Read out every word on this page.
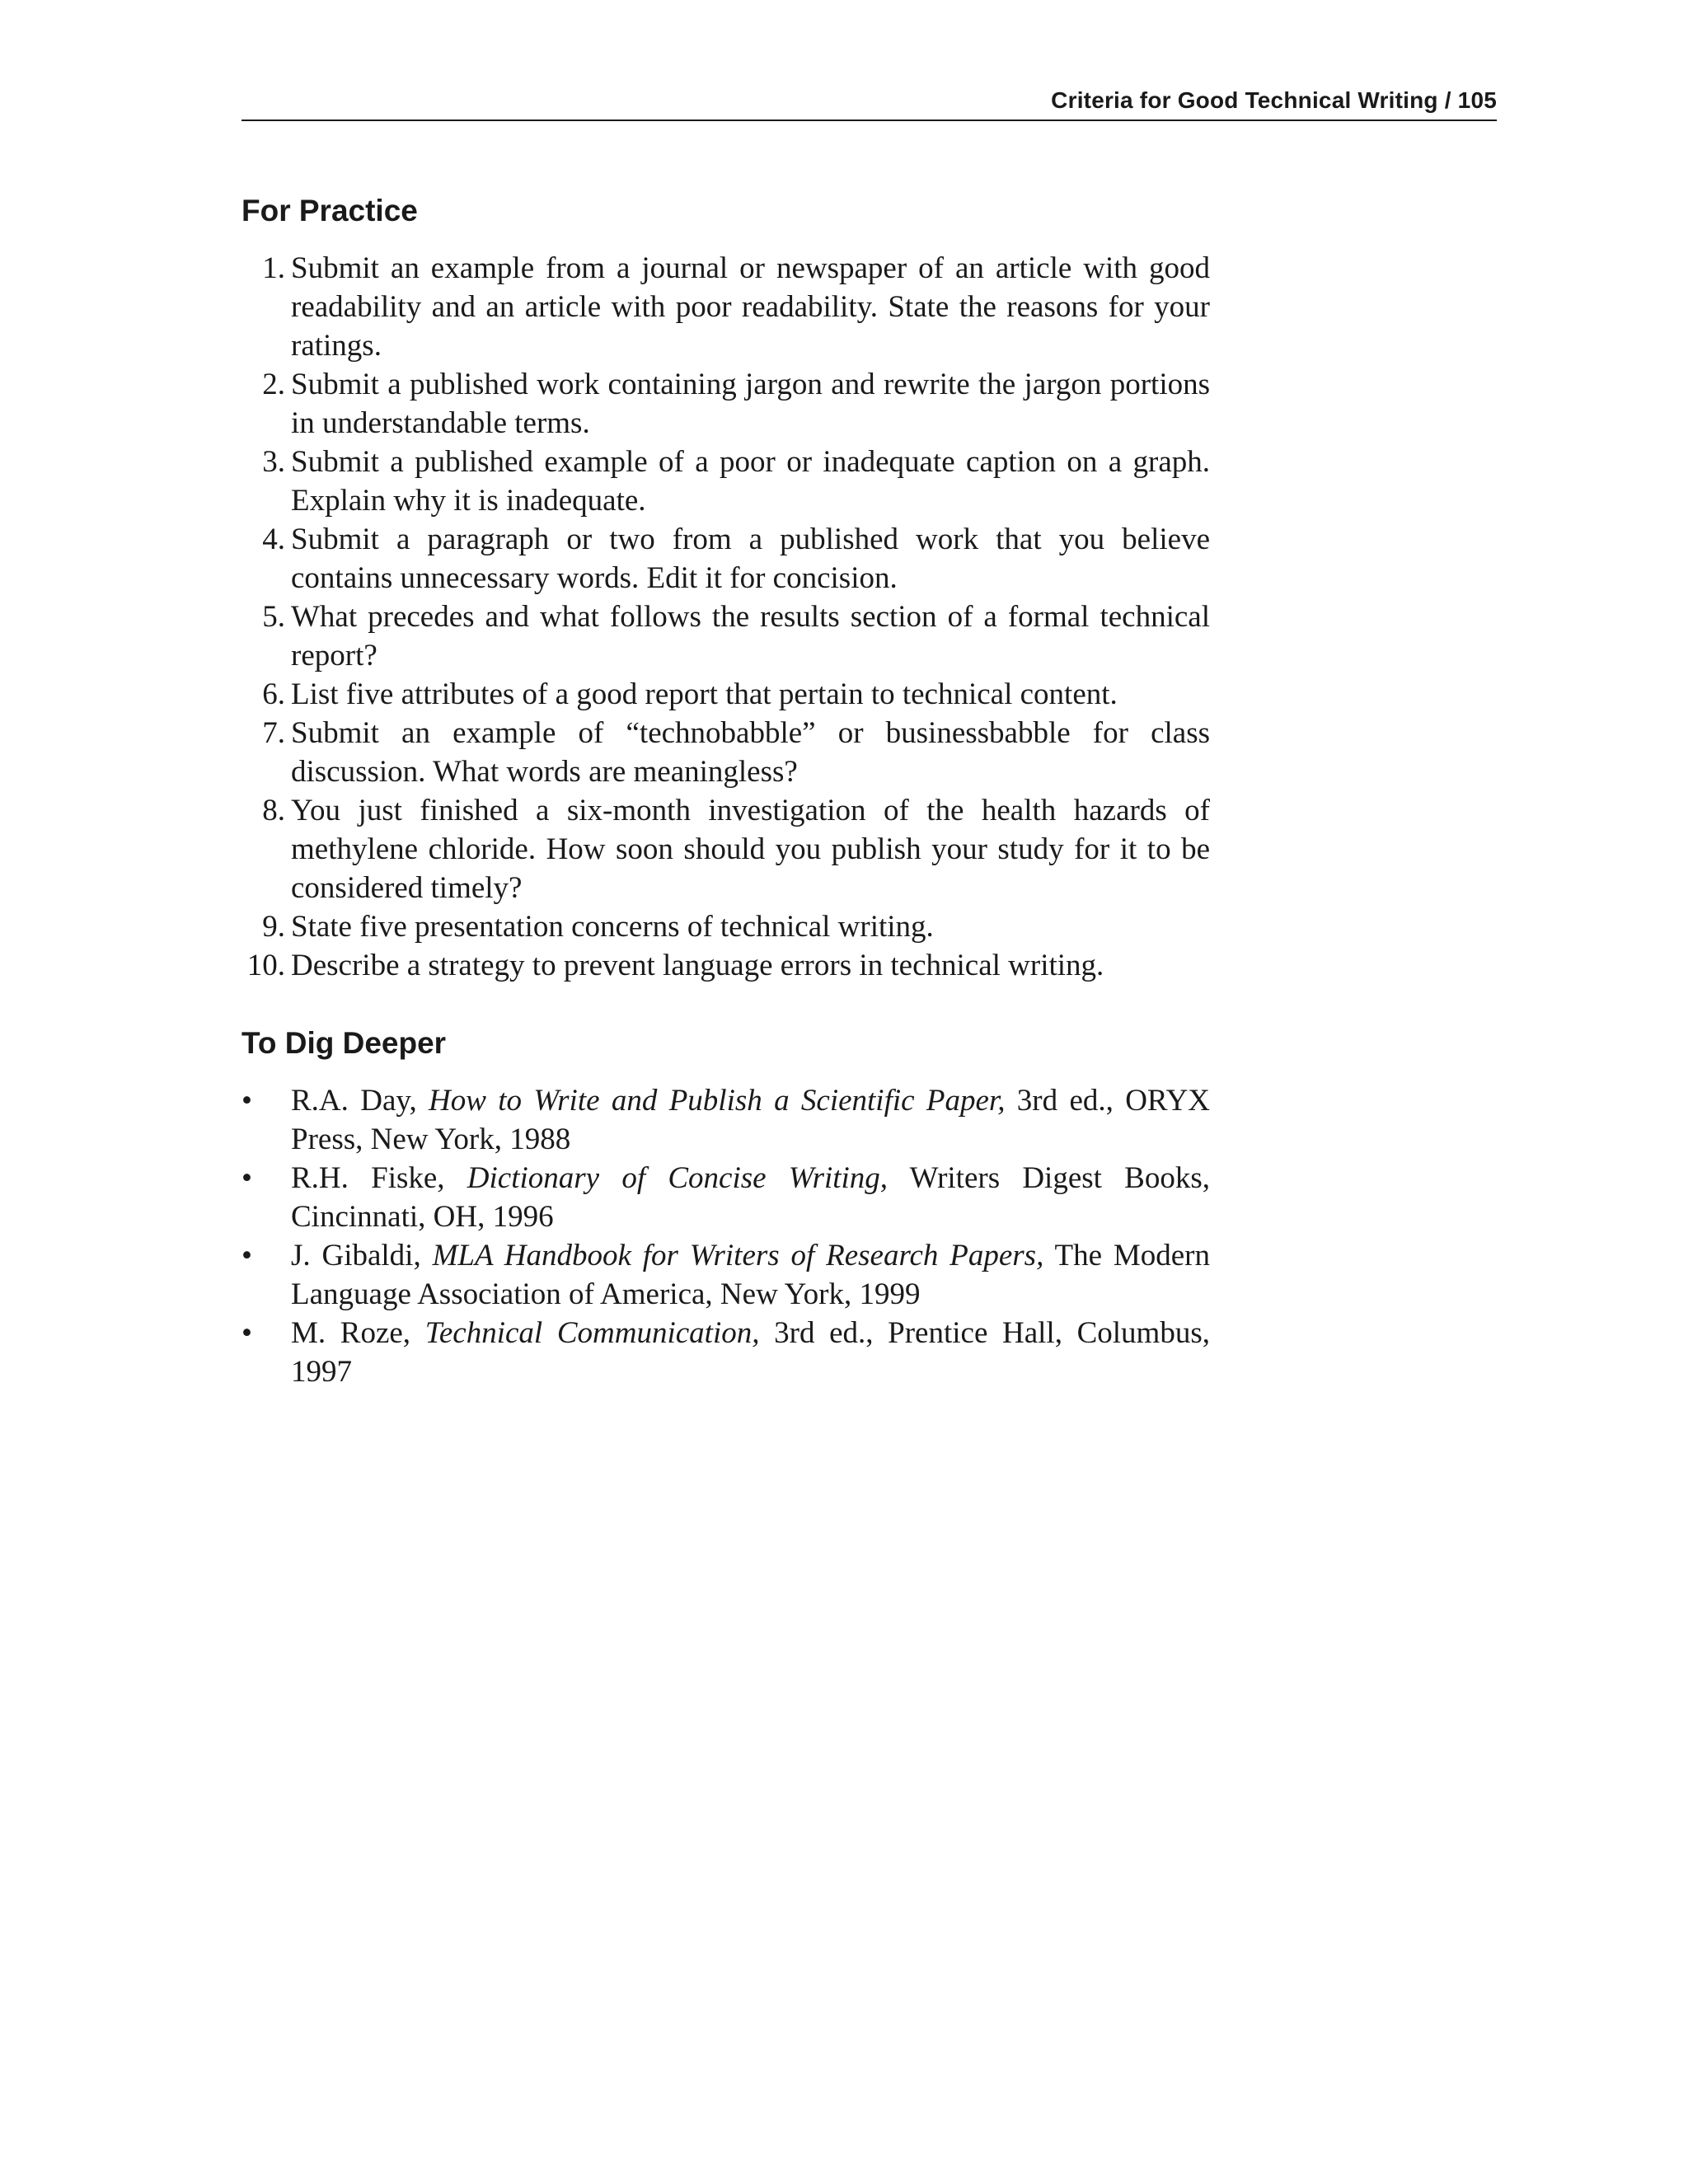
Criteria for Good Technical Writing / 105
For Practice
1. Submit an example from a journal or newspaper of an article with good readability and an article with poor readability. State the reasons for your ratings.
2. Submit a published work containing jargon and rewrite the jargon portions in understandable terms.
3. Submit a published example of a poor or inadequate caption on a graph. Explain why it is inadequate.
4. Submit a paragraph or two from a published work that you believe contains unnecessary words. Edit it for concision.
5. What precedes and what follows the results section of a formal technical report?
6. List five attributes of a good report that pertain to technical content.
7. Submit an example of “technobabble” or businessbabble for class discussion. What words are meaningless?
8. You just finished a six-month investigation of the health hazards of methylene chloride. How soon should you publish your study for it to be considered timely?
9. State five presentation concerns of technical writing.
10. Describe a strategy to prevent language errors in technical writing.
To Dig Deeper
• R.A. Day, How to Write and Publish a Scientific Paper, 3rd ed., ORYX Press, New York, 1988
• R.H. Fiske, Dictionary of Concise Writing, Writers Digest Books, Cincinnati, OH, 1996
• J. Gibaldi, MLA Handbook for Writers of Research Papers, The Modern Language Association of America, New York, 1999
• M. Roze, Technical Communication, 3rd ed., Prentice Hall, Columbus, 1997
